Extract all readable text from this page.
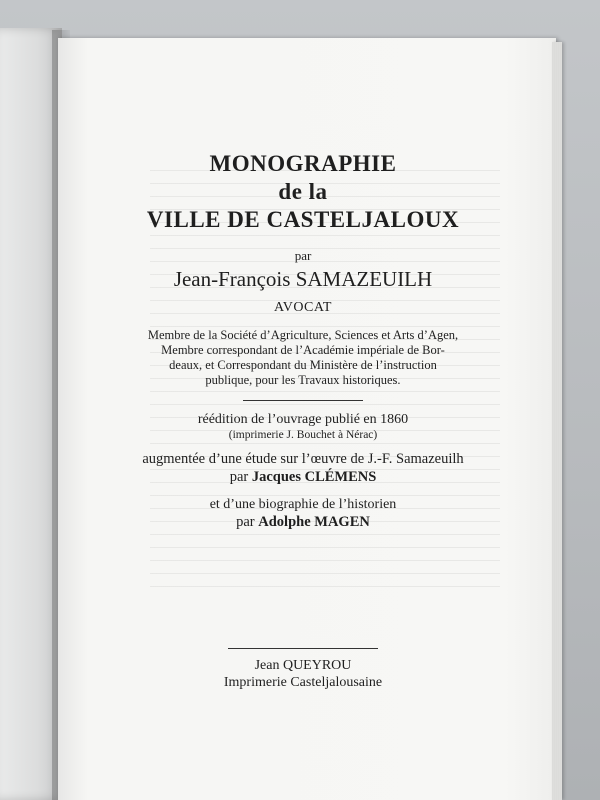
MONOGRAPHIE

de la

VILLE DE CASTELJALOUX

par
Jean-François SAMAZEUILH
AVOCAT
Membre de la Société d’Agriculture, Sciences et Arts d’Agen,
Membre correspondant de l’Académie impériale de Bor-
deaux, et Correspondant du Ministère de l’instruction
publique, pour les Travaux historiques.
réédition de l’ouvrage publié en 1860
(imprimerie J. Bouchet à Nérac)
augmentée d’une étude sur l’œuvre de J.-F. Samazeuilh
par Jacques CLÉMENS
et d’une biographie de l’historien
par Adolphe MAGEN
Jean QUEYROU
Imprimerie Casteljalousaine
